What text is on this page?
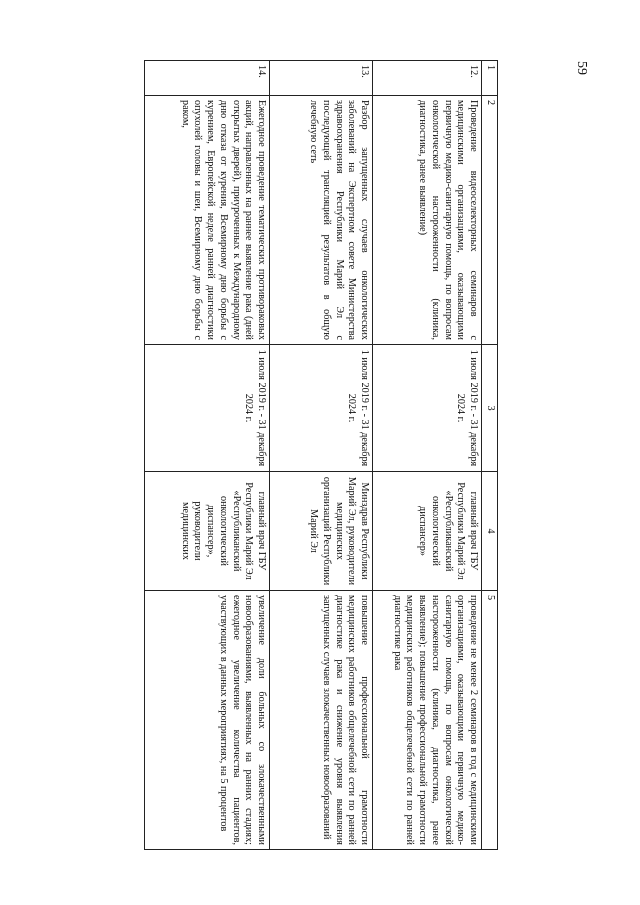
59
1	2	3	4	5
12.	Проведение видеоселекторных семинаров с медицинскими организациями, оказывающими первичную медико-санитарную помощь, по вопросам онкологической настороженности (клиника, диагностика, ранее выявление)	1 июля 2019 г. - 31 декабря 2024 г.	главный врач ГБУ Республики Марий Эл «Республиканский онкологический диспансер»	проведение не менее 2 семинаров в год с медицинскими организациями, оказывающими первичную медико-санитарную помощь, по вопросам онкологической настороженности (клиника, диагностика, ранее выявление); повышение профессиональной грамотности медицинских работников общелечебной сети по ранней диагностике рака
13.	Разбор запущенных случаев онкологических заболеваний на Экспертном совете Министерства здравоохранения Республики Марий Эл с последующей трансляцией результатов в общую лечебную сеть	1 июля 2019 г. - 31 декабря 2024 г.	Минздрав Республики Марий Эл, руководители медицинских организаций Республики Марий Эл	повышение профессиональной грамотности медицинских работников общелечебной сети по ранней диагностике рака и снижение уровня выявления запущенных случаев злокачественных новообразований
14.	Ежегодное проведение тематических противораковых акций, направленных на раннее выявление рака (дней открытых дверей), приуроченных к Международному дню отказа от курения, Всемирному дню борьбы с курением, Европейской неделе ранней диагностики опухолей головы и шеи, Всемирному дню борьбы с раком,	1 июля 2019 г. - 31 декабря 2024 г.	главный врач ГБУ Республики Марий Эл «Республиканский онкологический диспансер», руководители медицинских	увеличение доли больных со злокачественными новообразованиями, выявленных на ранних стадиях; ежегодное увеличение количества пациентов, участвующих в данных мероприятиях, на 5 процентов
